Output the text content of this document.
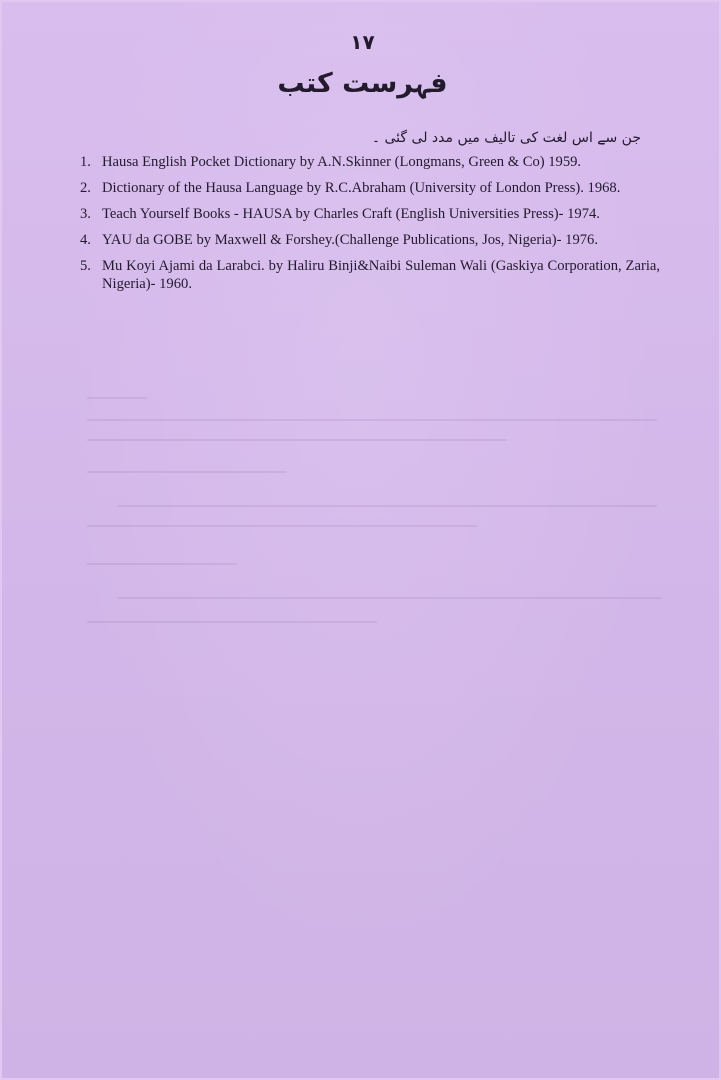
١٧
فہرست کتب
جن سے اس لغت کی تالیف میں مدد لی گئی ۔
1. Hausa English Pocket Dictionary by A.N.Skinner (Longmans, Green & Co) 1959.
2. Dictionary of the Hausa Language by R.C.Abraham (University of London Press). 1968.
3. Teach Yourself Books - HAUSA by Charles Craft (English Universities Press)- 1974.
4. YAU da GOBE by Maxwell & Forshey.(Challenge Publications, Jos, Nigeria)- 1976.
5. Mu Koyi Ajami da Larabci. by Haliru Binji&Naibi Suleman Wali (Gaskiya Corporation, Zaria, Nigeria)- 1960.
